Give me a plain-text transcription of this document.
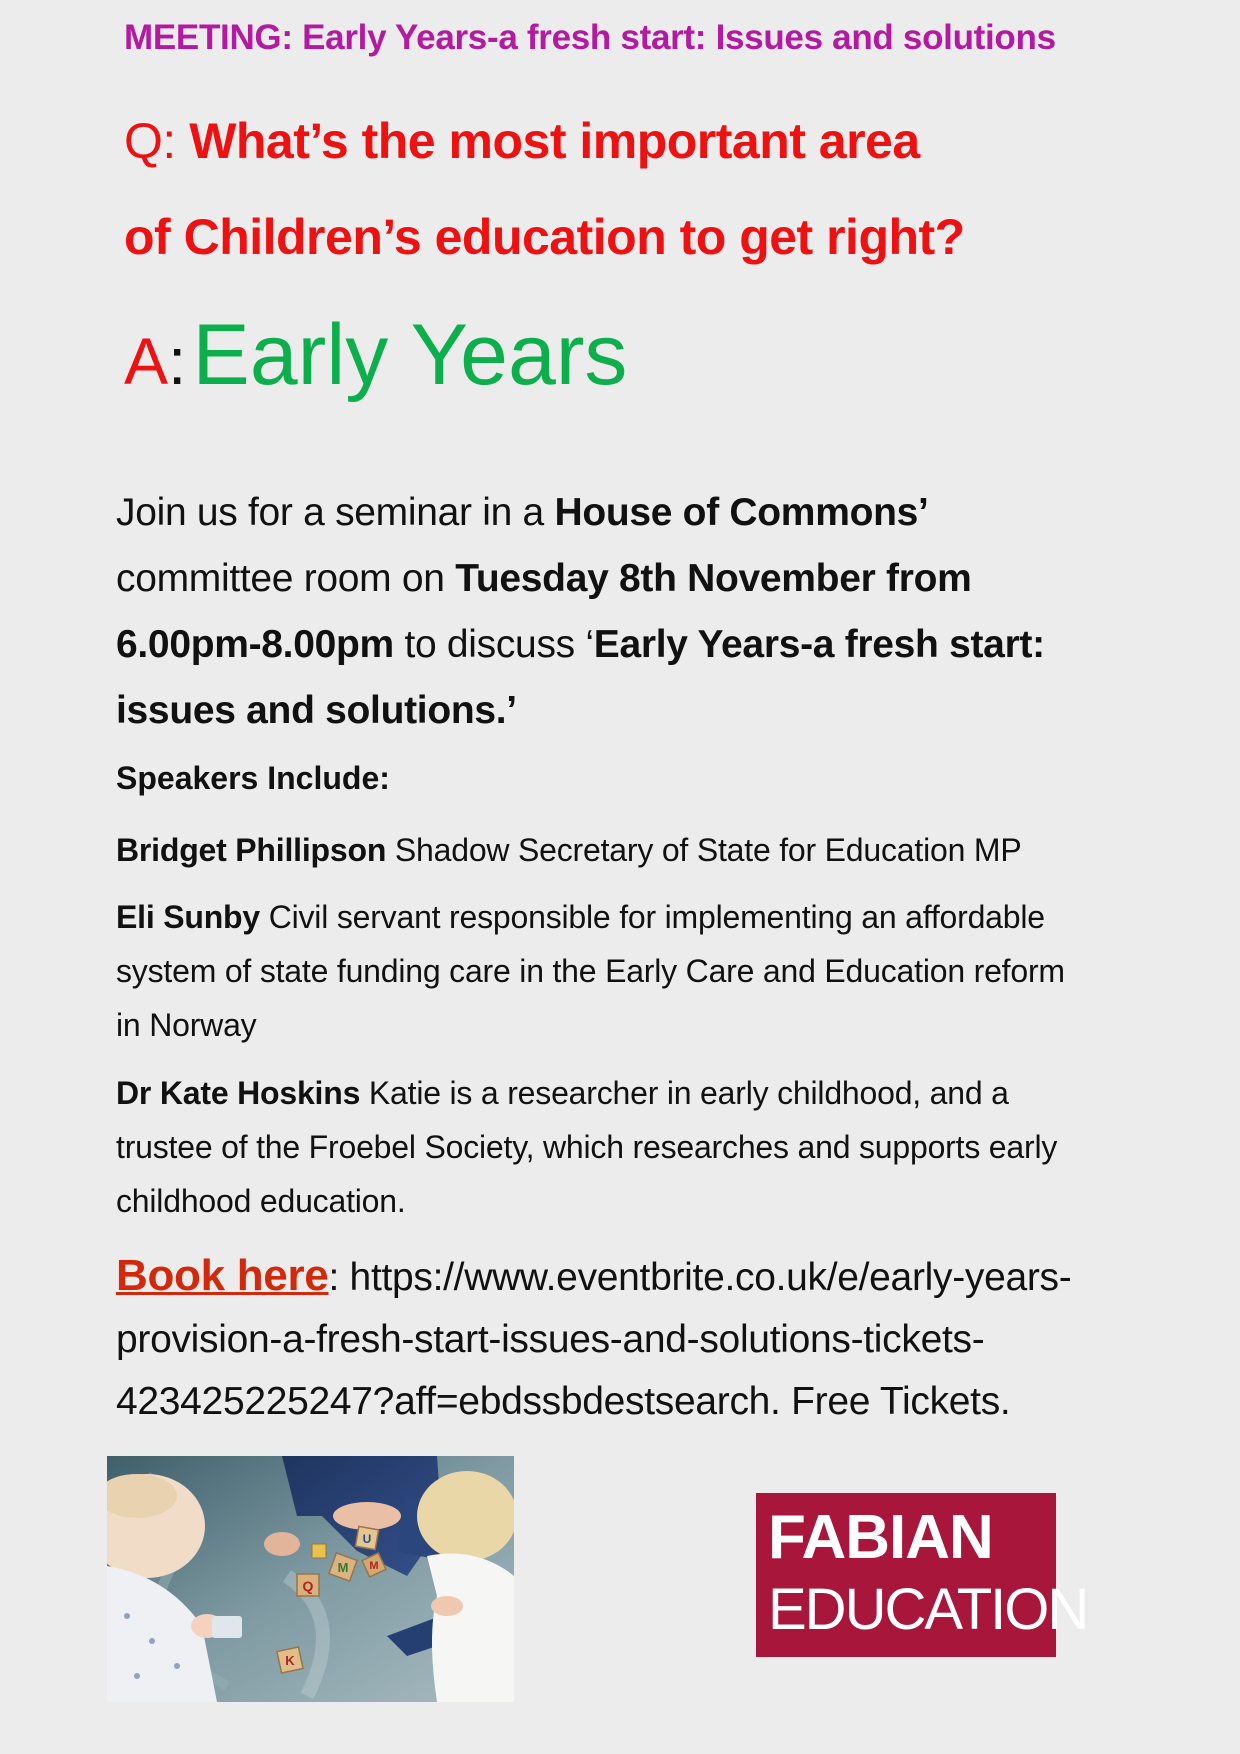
MEETING: Early Years-a fresh start: Issues and solutions
Q: What’s the most important area
of Children’s education to get right?
A:Early Years
Join us for a seminar in a House of Commons’ committee room on Tuesday 8th November from 6.00pm-8.00pm to discuss ‘Early Years-a fresh start: issues and solutions.’
Speakers Include:
Bridget Phillipson Shadow Secretary of State for Education MP
Eli Sunby Civil servant responsible for implementing an affordable system of state funding care in the Early Care and Education reform in Norway
Dr Kate Hoskins Katie is a researcher in early childhood, and a trustee of the Froebel Society, which researches and supports early childhood education.
Book here: https://www.eventbrite.co.uk/e/early-years-provision-a-fresh-start-issues-and-solutions-tickets-423425225247?aff=ebdssbdestsearch. Free Tickets.
Q
M
K
U
M	FABIAN
EDUCATION
